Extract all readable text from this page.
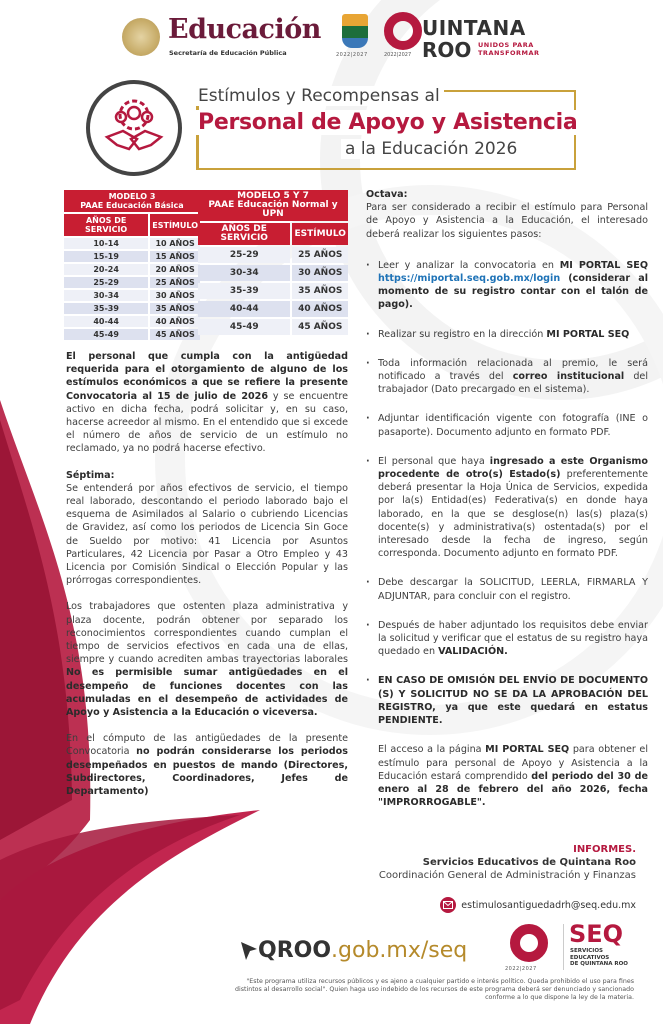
Educación
Secretaría de Educación Pública	2022|2027
UINTANA
ROO UNIDOS PARA
TRANSFORMAR
2022|2027
Estímulos y Recompensas al
Personal de Apoyo y Asistencia
a la Educación 2026
MODELO 3
PAAE Educación Básica	
AÑOS DE SERVICIO	ESTÍMULO
10-14	10 AÑOS
15-19	15 AÑOS
20-24	20 AÑOS
25-29	25 AÑOS
30-34	30 AÑOS
35-39	35 AÑOS
40-44	40 AÑOS
45-49	45 AÑOS
MODELO 5 Y 7
PAAE Educación Normal y UPN	
AÑOS DE SERVICIO	ESTÍMULO
25-29	25 AÑOS
30-34	30 AÑOS
35-39	35 AÑOS
40-44	40 AÑOS
45-49	45 AÑOS

El personal que cumpla con la antigüedad requerida para el otorgamiento de alguno de los estímulos económicos a que se refiere la presente Convocatoria al 15 de julio de 2026 y se encuentre activo en dicha fecha, podrá solicitar y, en su caso, hacerse acreedor al mismo. En el entendido que si excede el número de años de servicio de un estímulo no reclamado, ya no podrá hacerse efectivo.

Séptima:

Se entenderá por años efectivos de servicio, el tiempo real laborado, descontando el periodo laborado bajo el esquema de Asimilados al Salario o cubriendo Licencias de Gravidez, así como los periodos de Licencia Sin Goce de Sueldo por motivo: 41 Licencia por Asuntos Particulares, 42 Licencia por Pasar a Otro Empleo y 43 Licencia por Comisión Sindical o Elección Popular y las prórrogas correspondientes.

Los trabajadores que ostenten plaza administrativa y plaza docente, podrán obtener por separado los reconocimientos correspondientes cuando cumplan el tiempo de servicios efectivos en cada una de ellas, siempre y cuando acrediten ambas trayectorias laborales No es permisible sumar antigüedades en el desempeño de funciones docentes con las acumuladas en el desempeño de actividades de Apoyo y Asistencia a la Educación o viceversa.

En el cómputo de las antigüedades de la presente Convocatoria no podrán considerarse los periodos desempeñados en puestos de mando (Directores, Subdirectores, Coordinadores, Jefes de Departamento)

Octava:

Para ser considerado a recibir el estímulo para Personal de Apoyo y Asistencia a la Educación, el interesado deberá realizar los siguientes pasos:

· Leer y analizar la convocatoria en MI PORTAL SEQ https://miportal.seq.gob.mx/login (considerar al momento de su registro contar con el talón de pago).
· Realizar su registro en la dirección MI PORTAL SEQ
· Toda información relacionada al premio, le será notificado a través del correo institucional del trabajador (Dato precargado en el sistema).
· Adjuntar identificación vigente con fotografía (INE o pasaporte). Documento adjunto en formato PDF.
· El personal que haya ingresado a este Organismo procedente de otro(s) Estado(s) preferentemente deberá presentar la Hoja Única de Servicios, expedida por la(s) Entidad(es) Federativa(s) en donde haya laborado, en la que se desglose(n) las(s) plaza(s) docente(s) y administrativa(s) ostentada(s) por el interesado desde la fecha de ingreso, según corresponda. Documento adjunto en formato PDF.
· Debe descargar la SOLICITUD, LEERLA, FIRMARLA Y ADJUNTAR, para concluir con el registro.
· Después de haber adjuntado los requisitos debe enviar la solicitud y verificar que el estatus de su registro haya quedado en VALIDACIÓN.
· EN CASO DE OMISIÓN DEL ENVÍO DE DOCUMENTO (S) Y SOLICITUD NO SE DA LA APROBACIÓN DEL REGISTRO, ya que este quedará en estatus PENDIENTE.

El acceso a la página MI PORTAL SEQ para obtener el estímulo para personal de Apoyo y Asistencia a la Educación estará comprendido del periodo del 30 de enero al 28 de febrero del año 2026, fecha "IMPRORROGABLE".

INFORMES.
Servicios Educativos de Quintana Roo
Coordinación General de Administración y Finanzas
estimulosantiguedadrh@seq.edu.mx
QROO .gob.mx/seq
2022|2027
SEQ
SERVICIOS
EDUCATIVOS
DE QUINTANA ROO
"Este programa utiliza recursos públicos y es ajeno a cualquier partido e interés político. Queda prohibido el uso para fines distintos al desarrollo social". Quien haga uso indebido de los recursos de este programa deberá ser denunciado y sancionado conforme a lo que dispone la ley de la materia.
